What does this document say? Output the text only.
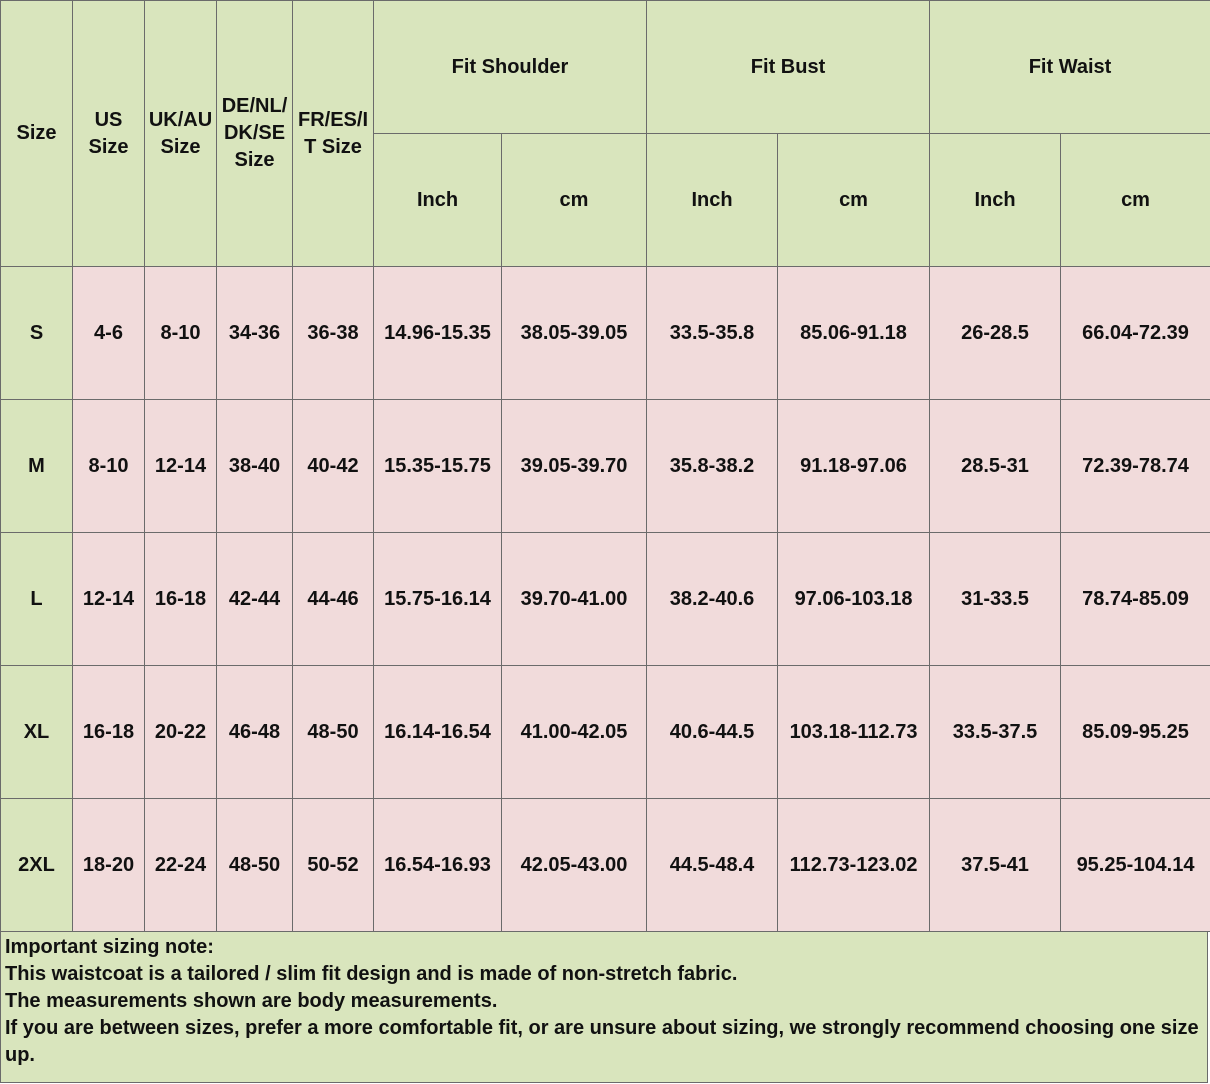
Size	US Size	UK/AU Size	DE/NL/DK/SE Size	FR/ES/IT Size	Fit Shoulder		Fit Bust		Fit Waist	
					Inch	cm	Inch	cm	Inch	cm
S	4-6	8-10	34-36	36-38	14.96-15.35	38.05-39.05	33.5-35.8	85.06-91.18	26-28.5	66.04-72.39
M	8-10	12-14	38-40	40-42	15.35-15.75	39.05-39.70	35.8-38.2	91.18-97.06	28.5-31	72.39-78.74
L	12-14	16-18	42-44	44-46	15.75-16.14	39.70-41.00	38.2-40.6	97.06-103.18	31-33.5	78.74-85.09
XL	16-18	20-22	46-48	48-50	16.14-16.54	41.00-42.05	40.6-44.5	103.18-112.73	33.5-37.5	85.09-95.25
2XL	18-20	22-24	48-50	50-52	16.54-16.93	42.05-43.00	44.5-48.4	112.73-123.02	37.5-41	95.25-104.14
Important sizing note:
This waistcoat is a tailored / slim fit design and is made of non-stretch fabric.
The measurements shown are body measurements.
If you are between sizes, prefer a more comfortable fit, or are unsure about sizing, we strongly recommend choosing one size up.
